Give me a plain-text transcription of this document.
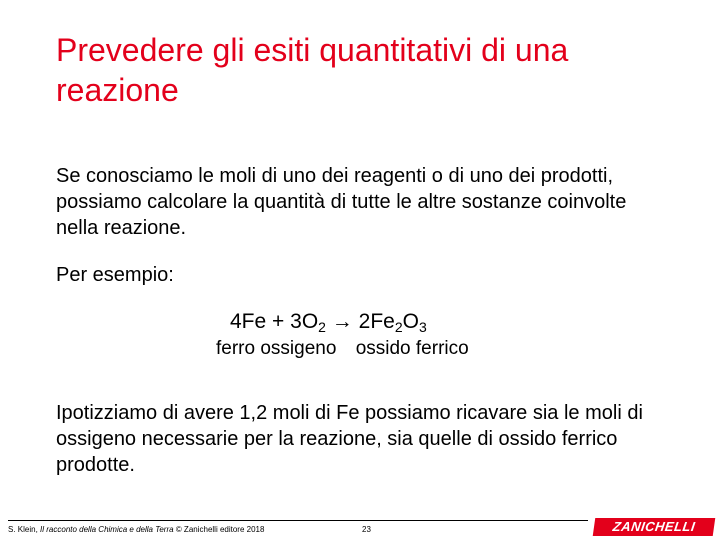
Prevedere gli esiti quantitativi di una reazione

Se conosciamo le moli di uno dei reagenti o di uno dei prodotti, possiamo calcolare la quantità di tutte le altre sostanze coinvolte nella reazione.

Per esempio:

$4Fe + 3O_2 \to 2Fe_2O_3$
ferro ossigeno ossido ferrico

Ipotizziamo di avere 1,2 moli di Fe possiamo ricavare sia le moli di ossigeno necessarie per la reazione, sia quelle di ossido ferrico prodotte.

S. Klein, Il racconto della Chimica e della Terra © Zanichelli editore 2018	23	ZANICHELLI
